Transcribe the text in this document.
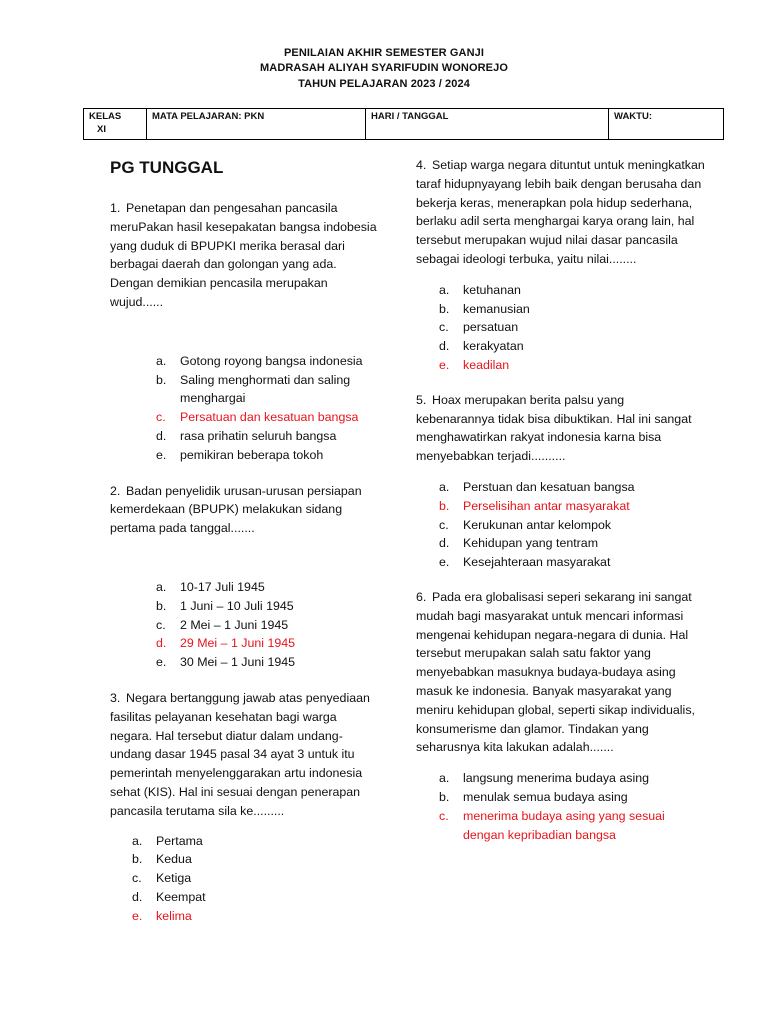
PENILAIAN AKHIR SEMESTER GANJI
MADRASAH ALIYAH SYARIFUDIN WONOREJO
TAHUN PELAJARAN 2023 / 2024
KELAS
XI
	MATA PELAJARAN: PKN	HARI / TANGGAL	WAKTU:
PG TUNGGAL

1. Penetapan dan pengesahan pancasila meruPakan hasil kesepakatan bangsa indobesia yang duduk di BPUPKI merika berasal dari berbagai daerah dan golongan yang ada. Dengan demikian pencasila merupakan wujud......

a.	Gotong royong bangsa indonesia
b.	Saling menghormati dan saling menghargai
c.	Persatuan dan kesatuan bangsa
d.	rasa prihatin seluruh bangsa
e.	pemikiran beberapa tokoh

2. Badan penyelidik urusan-urusan persiapan kemerdekaan (BPUPK) melakukan sidang pertama pada tanggal.......

a.	10-17 Juli 1945
b.	1 Juni – 10 Juli 1945
c.	2 Mei – 1 Juni 1945
d.	29 Mei – 1 Juni 1945
e.	30 Mei – 1 Juni 1945

3. Negara bertanggung jawab atas penyediaan fasilitas pelayanan kesehatan bagi warga negara. Hal tersebut diatur dalam undang-undang dasar 1945 pasal 34 ayat 3 untuk itu pemerintah menyelenggarakan artu indonesia sehat (KIS). Hal ini sesuai dengan penerapan pancasila terutama sila ke.........

a.	Pertama
b.	Kedua
c.	Ketiga
d.	Keempat
e.	kelima

4. Setiap warga negara dituntut untuk meningkatkan taraf hidupnyayang lebih baik dengan berusaha dan bekerja keras, menerapkan pola hidup sederhana, berlaku adil serta menghargai karya orang lain, hal tersebut merupakan wujud nilai dasar pancasila sebagai ideologi terbuka, yaitu nilai........

a.	ketuhanan
b.	kemanusian
c.	persatuan
d.	kerakyatan
e.	keadilan

5. Hoax merupakan berita palsu yang kebenarannya tidak bisa dibuktikan. Hal ini sangat menghawatirkan rakyat indonesia karna bisa menyebabkan terjadi..........

a.	Perstuan dan kesatuan bangsa
b.	Perselisihan antar masyarakat
c.	Kerukunan antar kelompok
d.	Kehidupan yang tentram
e.	Kesejahteraan masyarakat

6. Pada era globalisasi seperi sekarang ini sangat mudah bagi masyarakat untuk mencari informasi mengenai kehidupan negara-negara di dunia. Hal tersebut merupakan salah satu faktor yang menyebabkan masuknya budaya-budaya asing masuk ke indonesia. Banyak masyarakat yang meniru kehidupan global, seperti sikap individualis, konsumerisme dan glamor. Tindakan yang seharusnya kita lakukan adalah.......

a.	langsung menerima budaya asing
b.	menulak semua budaya asing
c.	menerima budaya asing yang sesuai dengan kepribadian bangsa
